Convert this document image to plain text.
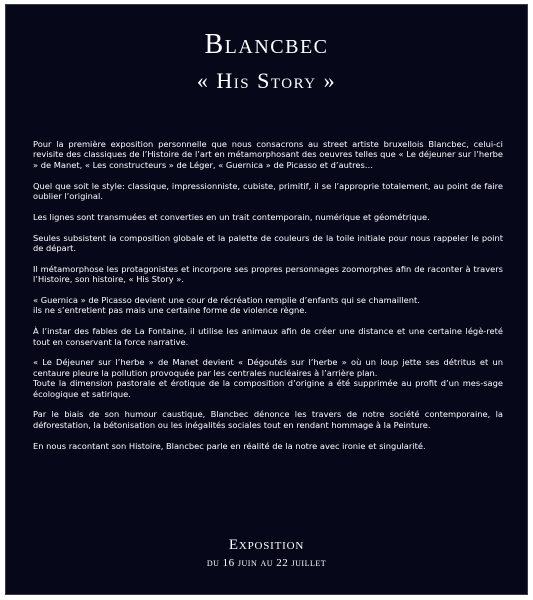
Blancbec
« His Story »

Pour la première exposition personnelle que nous consacrons au street artiste bruxellois Blancbec, celui-ci revisite des classiques de l’Histoire de l’art en métamorphosant des oeuvres telles que « Le déjeuner sur l’herbe » de Manet, « Les constructeurs » de Léger, « Guernica » de Picasso et d’autres…

Quel que soit le style: classique, impressionniste, cubiste, primitif, il se l’approprie totalement, au point de faire oublier l’original.

Les lignes sont transmuées et converties en un trait contemporain, numérique et géométrique.

Seules subsistent la composition globale et la palette de couleurs de la toile initiale pour nous rappeler le point de départ.

Il métamorphose les protagonistes et incorpore ses propres personnages zoomorphes afin de raconter à travers l’Histoire, son histoire, « His Story ».

« Guernica » de Picasso devient une cour de récréation remplie d’enfants qui se chamaillent.
ils ne s’entretient pas mais une certaine forme de violence règne.

À l’instar des fables de La Fontaine, il utilise les animaux afin de créer une distance et une certaine légè-reté tout en conservant la force narrative.

« Le Déjeuner sur l’herbe » de Manet devient « Dégoutés sur l’herbe » où un loup jette ses détritus et un centaure pleure la pollution provoquée par les centrales nucléaires à l’arrière plan.
Toute la dimension pastorale et érotique de la composition d’origine a été supprimée au profit d’un mes-sage écologique et satirique.

Par le biais de son humour caustique, Blancbec dénonce les travers de notre société contemporaine, la déforestation, la bétonisation ou les inégalités sociales tout en rendant hommage à la Peinture.

En nous racontant son Histoire, Blancbec parle en réalité de la notre avec ironie et singularité.

Exposition
du 16 juin au 22 juillet
